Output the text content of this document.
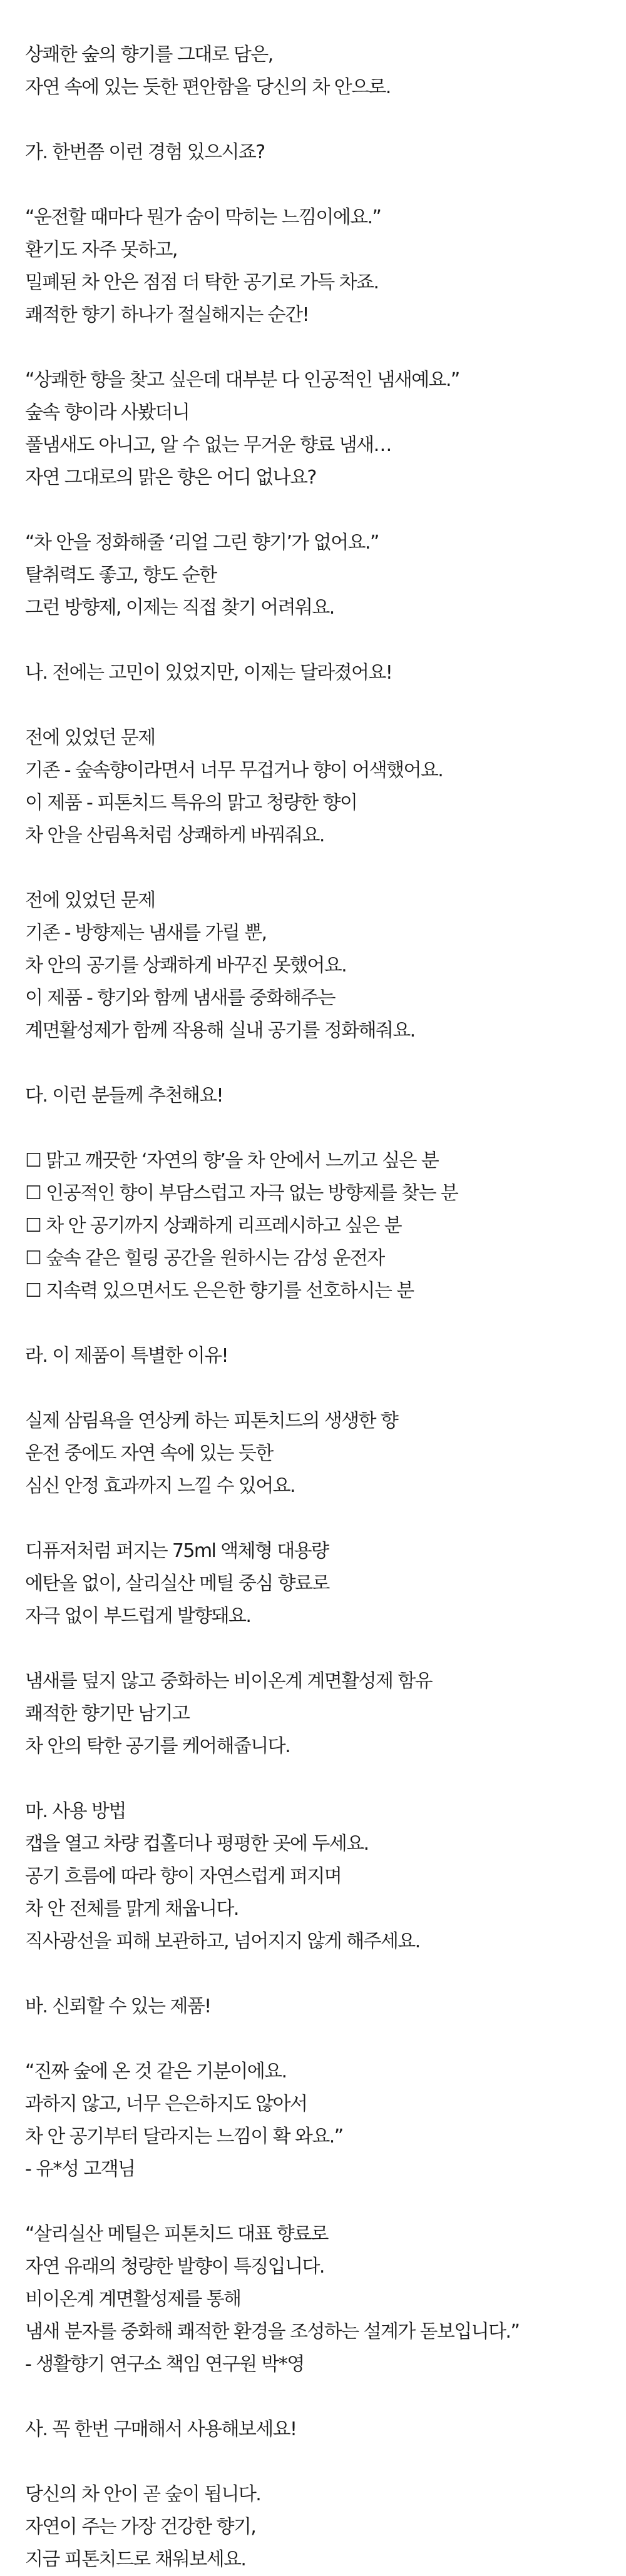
상쾌한 숲의 향기를 그대로 담은,
자연 속에 있는 듯한 편안함을 당신의 차 안으로.
가. 한번쯤 이런 경험 있으시죠?
“운전할 때마다 뭔가 숨이 막히는 느낌이에요.”
환기도 자주 못하고,
밀폐된 차 안은 점점 더 탁한 공기로 가득 차죠.
쾌적한 향기 하나가 절실해지는 순간!
“상쾌한 향을 찾고 싶은데 대부분 다 인공적인 냄새예요.”
숲속 향이라 사봤더니
풀냄새도 아니고, 알 수 없는 무거운 향료 냄새…
자연 그대로의 맑은 향은 어디 없나요?
“차 안을 정화해줄 ‘리얼 그린 향기’가 없어요.”
탈취력도 좋고, 향도 순한
그런 방향제, 이제는 직접 찾기 어려워요.
나. 전에는 고민이 있었지만, 이제는 달라졌어요!
전에 있었던 문제
기존 - 숲속향이라면서 너무 무겁거나 향이 어색했어요.
이 제품 - 피톤치드 특유의 맑고 청량한 향이
차 안을 산림욕처럼 상쾌하게 바꿔줘요.
전에 있었던 문제
기존 - 방향제는 냄새를 가릴 뿐,
차 안의 공기를 상쾌하게 바꾸진 못했어요.
이 제품 - 향기와 함께 냄새를 중화해주는
계면활성제가 함께 작용해 실내 공기를 정화해줘요.
다. 이런 분들께 추천해요!
☐ 맑고 깨끗한 ‘자연의 향’을 차 안에서 느끼고 싶은 분
☐ 인공적인 향이 부담스럽고 자극 없는 방향제를 찾는 분
☐ 차 안 공기까지 상쾌하게 리프레시하고 싶은 분
☐ 숲속 같은 힐링 공간을 원하시는 감성 운전자
☐ 지속력 있으면서도 은은한 향기를 선호하시는 분
라. 이 제품이 특별한 이유!
실제 삼림욕을 연상케 하는 피톤치드의 생생한 향
운전 중에도 자연 속에 있는 듯한
심신 안정 효과까지 느낄 수 있어요.
디퓨저처럼 퍼지는 75ml 액체형 대용량
에탄올 없이, 살리실산 메틸 중심 향료로
자극 없이 부드럽게 발향돼요.
냄새를 덮지 않고 중화하는 비이온계 계면활성제 함유
쾌적한 향기만 남기고
차 안의 탁한 공기를 케어해줍니다.
마. 사용 방법
캡을 열고 차량 컵홀더나 평평한 곳에 두세요.
공기 흐름에 따라 향이 자연스럽게 퍼지며
차 안 전체를 맑게 채웁니다.
직사광선을 피해 보관하고, 넘어지지 않게 해주세요.
바. 신뢰할 수 있는 제품!
“진짜 숲에 온 것 같은 기분이에요.
과하지 않고, 너무 은은하지도 않아서
차 안 공기부터 달라지는 느낌이 확 와요.”
- 유*성 고객님
“살리실산 메틸은 피톤치드 대표 향료로
자연 유래의 청량한 발향이 특징입니다.
비이온계 계면활성제를 통해
냄새 분자를 중화해 쾌적한 환경을 조성하는 설계가 돋보입니다.”
- 생활향기 연구소 책임 연구원 박*영
사. 꼭 한번 구매해서 사용해보세요!
당신의 차 안이 곧 숲이 됩니다.
자연이 주는 가장 건강한 향기,
지금 피톤치드로 채워보세요.
